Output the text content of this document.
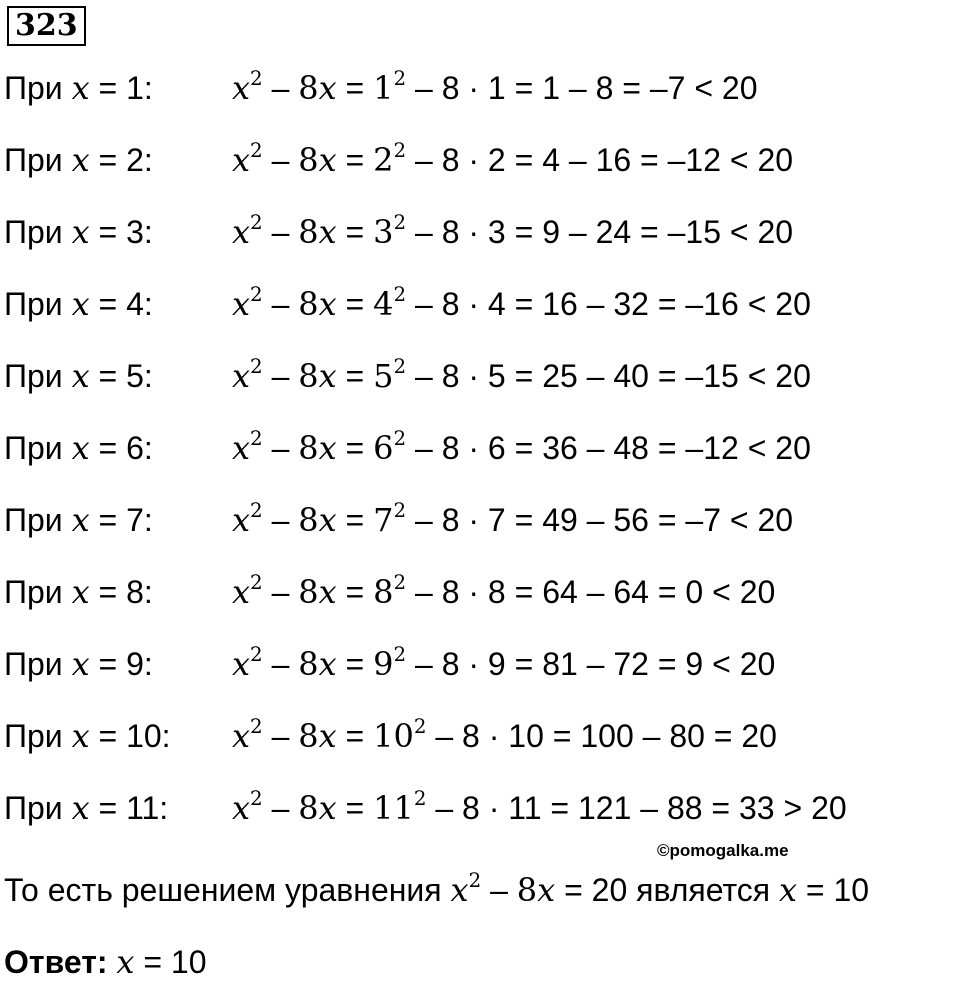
323
При x = 1: $x^2 - 8x = 1^2 - 8 \cdot 1 = 1 - 8 = -7 < 20$
При x = 2: $x^2 - 8x = 2^2 - 8 \cdot 2 = 4 - 16 = -12 < 20$
При x = 3: $x^2 - 8x = 3^2 - 8 \cdot 3 = 9 - 24 = -15 < 20$
При x = 4: $x^2 - 8x = 4^2 - 8 \cdot 4 = 16 - 32 = -16 < 20$
При x = 5: $x^2 - 8x = 5^2 - 8 \cdot 5 = 25 - 40 = -15 < 20$
При x = 6: $x^2 - 8x = 6^2 - 8 \cdot 6 = 36 - 48 = -12 < 20$
При x = 7: $x^2 - 8x = 7^2 - 8 \cdot 7 = 49 - 56 = -7 < 20$
При x = 8: $x^2 - 8x = 8^2 - 8 \cdot 8 = 64 - 64 = 0 < 20$
При x = 9: $x^2 - 8x = 9^2 - 8 \cdot 9 = 81 - 72 = 9 < 20$
При x = 10: $x^2 - 8x = 10^2 - 8 \cdot 10 = 100 - 80 = 20$
При x = 11: $x^2 - 8x = 11^2 - 8 \cdot 11 = 121 - 88 = 33 > 20$
©pomogalka.me
То есть решением уравнения $x^2 - 8x = 20$ является x = 10
Ответ: x = 10
